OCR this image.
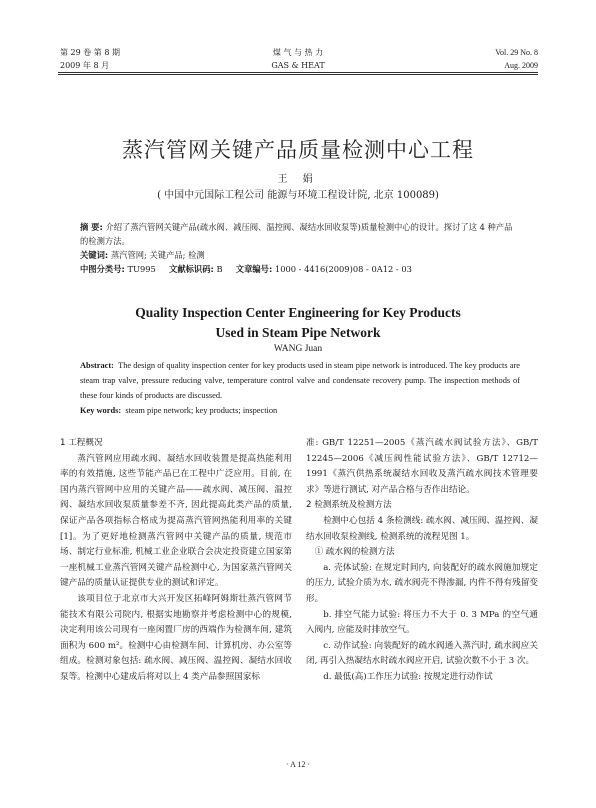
第 29 卷 第 8 期
2009 年 8 月
煤 气 与 热 力
GAS & HEAT
Vol. 29 No. 8
Aug. 2009
蒸汽管网关键产品质量检测中心工程
王 娟
( 中国中元国际工程公司 能源与环境工程设计院, 北京 100089)
摘 要: 介绍了蒸汽管网关键产品(疏水阀、减压阀、温控阀、凝结水回收泵等)质量检测中心的设计。探讨了这 4 种产品的检测方法。
关键词: 蒸汽管网; 关键产品; 检测
中图分类号: TU995 文献标识码: B 文章编号: 1000 - 4416(2009)08 - 0A12 - 03
Quality Inspection Center Engineering for Key Products
Used in Steam Pipe Network
WANG Juan
Abstract: The design of quality inspection center for key products used in steam pipe network is introduced. The key products are steam trap valve, pressure reducing valve, temperature control valve and condensate recovery pump. The inspection methods of these four kinds of products are discussed.
Key words: steam pipe network; key products; inspection

1 工程概况

蒸汽管网应用疏水阀、凝结水回收装置是提高热能利用率的有效措施, 这些节能产品已在工程中广泛应用。目前, 在国内蒸汽管网中应用的关键产品——疏水阀、减压阀、温控阀、凝结水回收泵质量参差不齐, 因此提高此类产品的质量, 保证产品各项指标合格成为提高蒸汽管网热能利用率的关键[1]。为了更好地检测蒸汽管网中关键产品的质量, 规范市场、制定行业标准, 机械工业企业联合会决定投资建立国家第一座机械工业蒸汽管网关键产品检测中心, 为国家蒸汽管网关键产品的质量认证提供专业的测试和评定。

该项目位于北京市大兴开发区拓峰阿姆斯壮蒸汽管网节能技术有限公司院内, 根据实地勘察并考虑检测中心的规模, 决定利用该公司现有一座闲置厂房的西端作为检测车间, 建筑面积为 600 m²。检测中心由检测车间、计算机房、办公室等组成。检测对象包括: 疏水阀、减压阀、温控阀、凝结水回收泵等。检测中心建成后将对以上 4 类产品参照国家标

准: GB/T 12251—2005《蒸汽疏水阀试验方法》、GB/T 12245—2006《减压阀性能试验方法》、GB/T 12712—1991《蒸汽供热系统凝结水回收及蒸汽疏水阀技术管理要求》等进行测试, 对产品合格与否作出结论。

2 检测系统及检测方法

检测中心包括 4 条检测线: 疏水阀、减压阀、温控阀、凝结水回收泵检测线, 检测系统的流程见图 1。

① 疏水阀的检测方法

a. 壳体试验: 在规定时间内, 向装配好的疏水阀施加规定的压力, 试验介质为水, 疏水阀壳不得渗漏, 内件不得有残留变形。

b. 排空气能力试验: 将压力不大于 0. 3 MPa 的空气通入阀内, 应能及时排放空气。

c. 动作试验: 向装配好的疏水阀通入蒸汽时, 疏水阀应关闭, 再引入热凝结水时疏水阀应开启, 试验次数不小于 3 次。

d. 最低(高)工作压力试验: 按规定进行动作试

· A 12 ·
